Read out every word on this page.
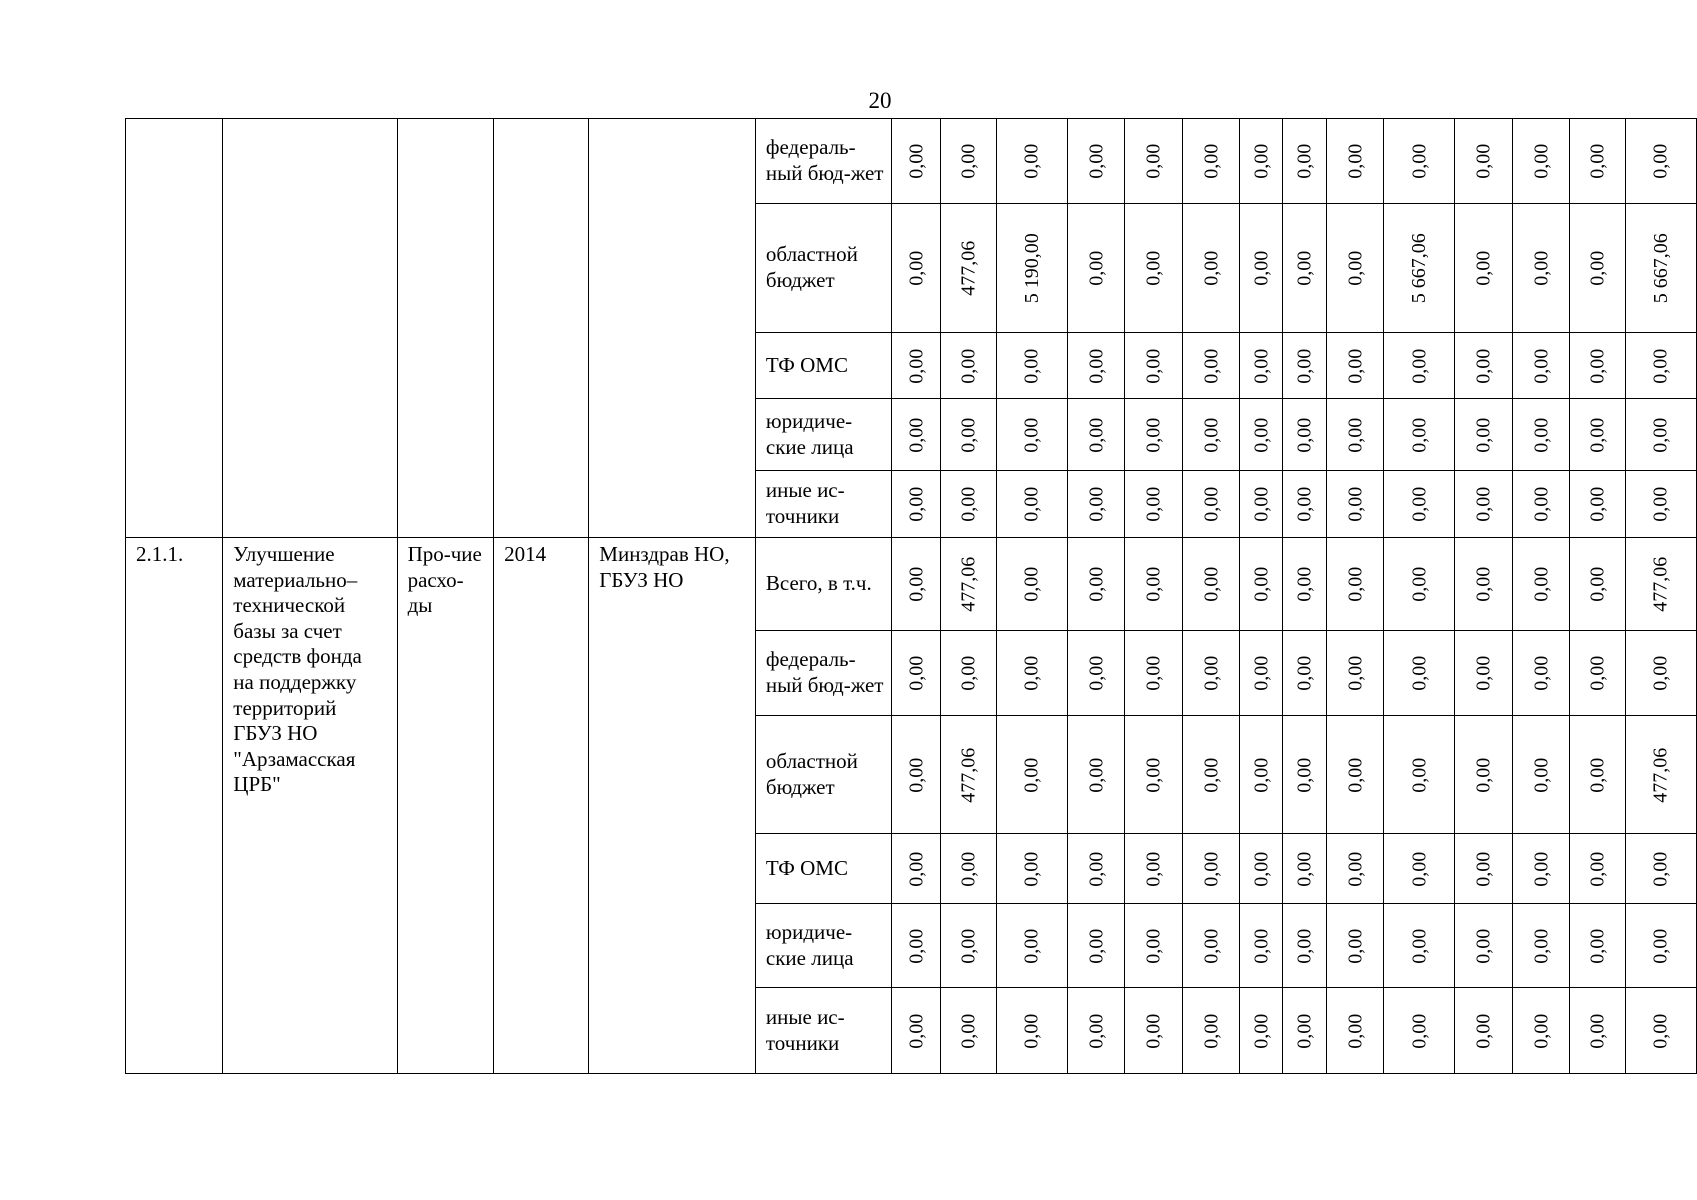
20
					федераль-ный бюд-жет	0,00	0,00	0,00	0,00	0,00	0,00	0,00	0,00	0,00	0,00	0,00	0,00	0,00	0,00
					областной бюджет	0,00	477,06	5 190,00	0,00	0,00	0,00	0,00	0,00	0,00	5 667,06	0,00	0,00	0,00	5 667,06
					ТФ ОМС	0,00	0,00	0,00	0,00	0,00	0,00	0,00	0,00	0,00	0,00	0,00	0,00	0,00	0,00
					юридиче-ские лица	0,00	0,00	0,00	0,00	0,00	0,00	0,00	0,00	0,00	0,00	0,00	0,00	0,00	0,00
					иные ис-точники	0,00	0,00	0,00	0,00	0,00	0,00	0,00	0,00	0,00	0,00	0,00	0,00	0,00	0,00
2.1.1.	Улучшение материально–технической базы за счет средств фонда на поддержку территорий ГБУЗ НО "Арзамасская ЦРБ"	Про-чие расхо-ды	2014	Минздрав НО, ГБУЗ НО	Всего, в т.ч.	0,00	477,06	0,00	0,00	0,00	0,00	0,00	0,00	0,00	0,00	0,00	0,00	0,00	477,06
					федераль-ный бюд-жет	0,00	0,00	0,00	0,00	0,00	0,00	0,00	0,00	0,00	0,00	0,00	0,00	0,00	0,00
					областной бюджет	0,00	477,06	0,00	0,00	0,00	0,00	0,00	0,00	0,00	0,00	0,00	0,00	0,00	477,06
					ТФ ОМС	0,00	0,00	0,00	0,00	0,00	0,00	0,00	0,00	0,00	0,00	0,00	0,00	0,00	0,00
					юридиче-ские лица	0,00	0,00	0,00	0,00	0,00	0,00	0,00	0,00	0,00	0,00	0,00	0,00	0,00	0,00
					иные ис-точники	0,00	0,00	0,00	0,00	0,00	0,00	0,00	0,00	0,00	0,00	0,00	0,00	0,00	0,00
